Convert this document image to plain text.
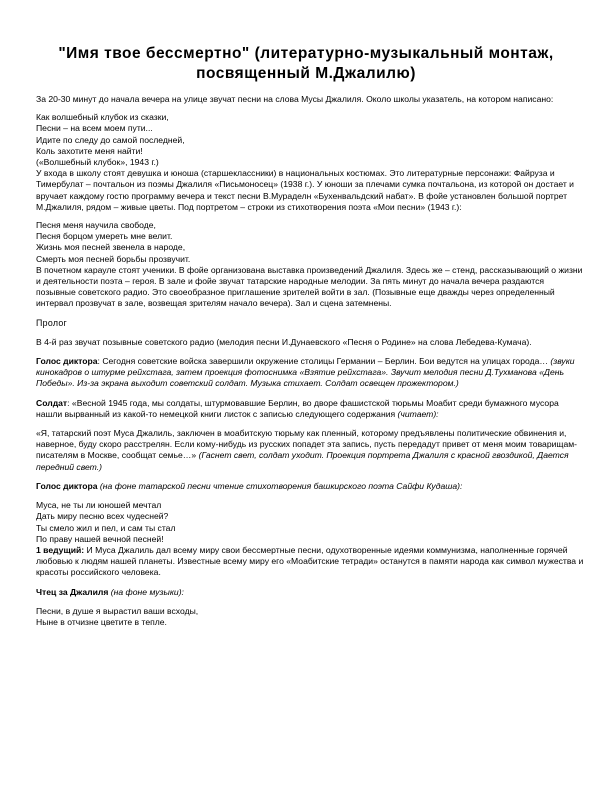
"Имя твое бессмертно" (литературно-музыкальный монтаж, посвященный М.Джалилю)

За 20-30 минут до начала вечера на улице звучат песни на слова Мусы Джалиля. Около школы указатель, на котором написано:

Как волшебный клубок из сказки,
Песни – на всем моем пути...
Идите по следу до самой последней,
Коль захотите меня найти!
(«Волшебный клубок», 1943 г.)

У входа в школу стоят девушка и юноша (старшеклассники) в национальных костюмах. Это литературные персонажи: Файруза и Тимербулат – почтальон из поэмы Джалиля «Письмоносец» (1938 г.). У юноши за плечами сумка почтальона, из которой он достает и вручает каждому гостю программу вечера и текст песни В.Мураделн «Бухенвальдский набат». В фойе установлен большой портрет М.Джалиля, рядом – живые цветы. Под портретом – строки из стихотворения поэта «Мои песни» (1943 г.):

Песня меня научила свободе,
Песня борцом умереть мне велит.
Жизнь моя песней звенела в народе,
Смерть моя песней борьбы прозвучит.

В почетном карауле стоят ученики. В фойе организована выставка произведений Джалиля. Здесь же – стенд, рассказывающий о жизни и деятельности поэта – героя. В зале и фойе звучат татарские народные мелодии. За пять минут до начала вечера раздаются позывные советского радио. Это своеобразное приглашение зрителей войти в зал. (Позывные еще дважды через определенный интервал прозвучат в зале, возвещая зрителям начало вечера). Зал и сцена затемнены.

Пролог

В 4-й раз звучат позывные советского радио (мелодия песни И.Дунаевского «Песня о Родине» на слова Лебедева-Кумача).

Голос диктора: Сегодня советские войска завершили окружение столицы Германии – Берлин. Бои ведутся на улицах города… (звуки кинокадров о штурме рейхстага, затем проекция фотоснимка «Взятие рейхстага». Звучит мелодия песни Д.Тухманова «День Победы». Из-за экрана выходит советский солдат. Музыка стихает. Солдат освещен прожектором.)

Солдат: «Весной 1945 года, мы солдаты, штурмовавшие Берлин, во дворе фашистской тюрьмы Моабит среди бумажного мусора нашли вырванный из какой-то немецкой книги листок с записью следующего содержания (читает):

«Я, татарский поэт Муса Джалиль, заключен в моабитскую тюрьму как пленный, которому предъявлены политические обвинения и, наверное, буду скоро расстрелян. Если кому-нибудь из русских попадет эта запись, пусть передадут привет от меня моим товарищам-писателям в Москве, сообщат семье…» (Гаснет свет, солдат уходит. Проекция портрета Джалиля с красной гвоздикой, Дается передний свет.)

Голос диктора (на фоне татарской песни чтение стихотворения башкирского поэта Сайфи Кудаша):

Муса, не ты ли юношей мечтал
Дать миру песню всех чудесней?
Ты смело жил и пел, и сам ты стал
По праву нашей вечной песней!

1 ведущий: И Муса Джалиль дал всему миру свои бессмертные песни, одухотворенные идеями коммунизма, наполненные горячей любовью к людям нашей планеты. Известные всему миру его «Моабитские тетради» останутся в памяти народа как символ мужества и красоты российского человека.

Чтец за Джалиля (на фоне музыки):

Песни, в душе я вырастил ваши всходы,
Ныне в отчизне цветите в тепле.
